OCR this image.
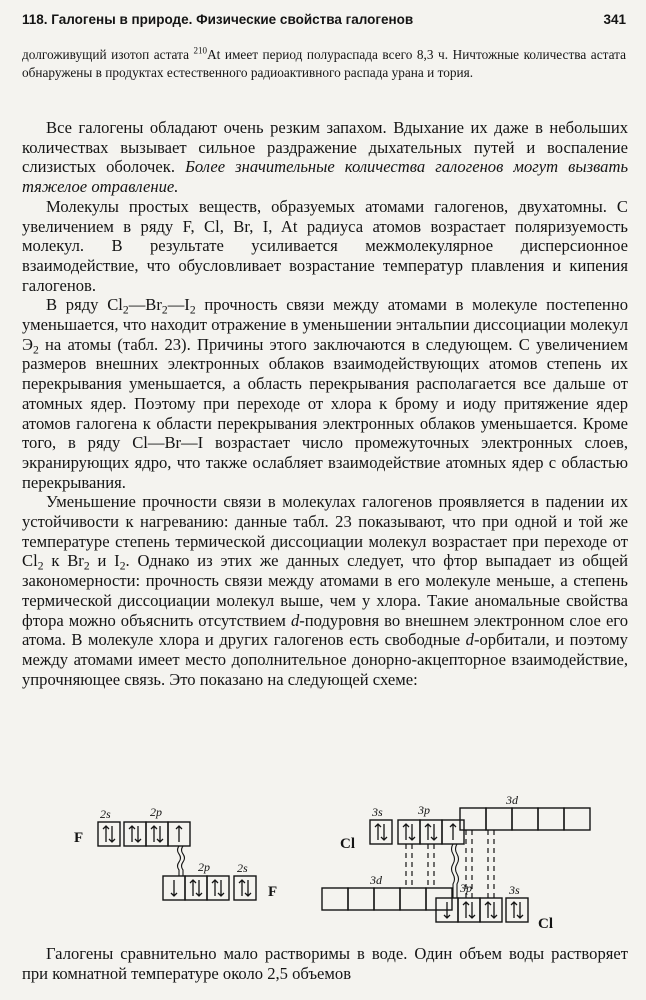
118. Галогены в природе. Физические свойства галогенов	341
долгоживущий изотоп астата $^{210}$At имеет период полураспада всего 8,3 ч. Ничтожные количества астата обнаружены в продуктах естественного радиоактивного распада урана и тория.

Все галогены обладают очень резким запахом. Вдыхание их даже в небольших количествах вызывает сильное раздражение дыхательных путей и воспаление слизистых оболочек. Более значительные количества галогенов могут вызвать тяжелое отравление.

Молекулы простых веществ, образуемых атомами галогенов, двухатомны. С увеличением в ряду F, Cl, Br, I, At радиуса атомов возрастает поляризуемость молекул. В результате усиливается межмолекулярное дисперсионное взаимодействие, что обусловливает возрастание температур плавления и кипения галогенов.

В ряду $Cl_2—Br_2—I_2$ прочность связи между атомами в молекуле постепенно уменьшается, что находит отражение в уменьшении энтальпии диссоциации молекул $Э_2$ на атомы (табл. 23). Причины этого заключаются в следующем. С увеличением размеров внешних электронных облаков взаимодействующих атомов степень их перекрывания уменьшается, а область перекрывания располагается все дальше от атомных ядер. Поэтому при переходе от хлора к брому и иоду притяжение ядер атомов галогена к области перекрывания электронных облаков уменьшается. Кроме того, в ряду Cl—Br—I возрастает число промежуточных электронных слоев, экранирующих ядро, что также ослабляет взаимодействие атомных ядер с областью перекрывания.

Уменьшение прочности связи в молекулах галогенов проявляется в падении их устойчивости к нагреванию: данные табл. 23 показывают, что при одной и той же температуре степень термической диссоциации молекул возрастает при переходе от $Cl_2$ к $Br_2$ и $I_2$. Однако из этих же данных следует, что фтор выпадает из общей закономерности: прочность связи между атомами в его молекуле меньше, а степень термической диссоциации молекул выше, чем у хлора. Такие аномальные свойства фтора можно объяснить отсутствием d-подуровня во внешнем электронном слое его атома. В молекуле хлора и других галогенов есть свободные d-орбитали, и поэтому между атомами имеет место дополнительное донорно-акцепторное взаимодействие, упрочняющее связь. Это показано на следующей схеме:

2s	2p
2p 2s
3s	3p
3d
3d
3p	3s
F
F
Cl
Cl

Галогены сравнительно мало растворимы в воде. Один объем воды растворяет при комнатной температуре около 2,5 объемов
